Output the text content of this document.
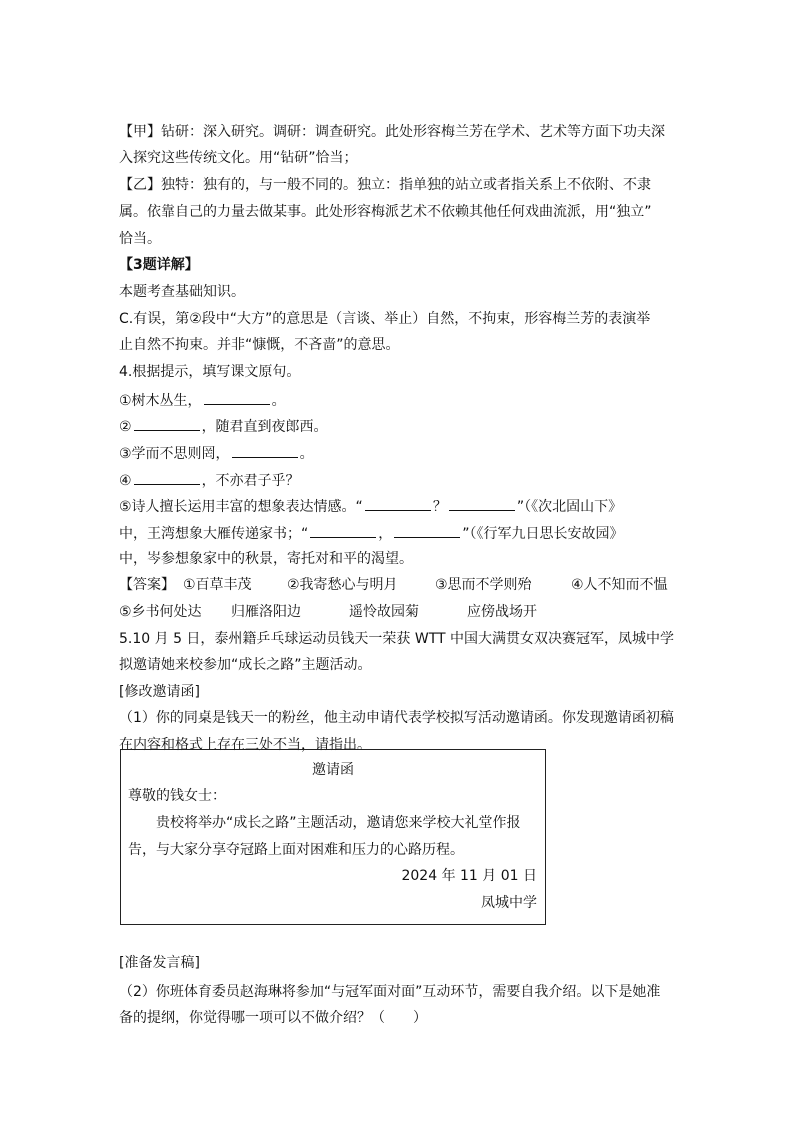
【甲】钻研：深入研究。调研：调查研究。此处形容梅兰芳在学术、艺术等方面下功夫深
入探究这些传统文化。用“钻研”恰当；
【乙】独特：独有的，与一般不同的。独立：指单独的站立或者指关系上不依附、不隶
属。依靠自己的力量去做某事。此处形容梅派艺术不依赖其他任何戏曲流派，用“独立”
恰当。
【3题详解】
本题考查基础知识。
C.有误，第②段中“大方”的意思是（言谈、举止）自然，不拘束，形容梅兰芳的表演举
止自然不拘束。并非“慷慨，不吝啬”的意思。
4.根据提示，填写课文原句。
①树木丛生，	。
②	，随君直到夜郎西。
③学而不思则罔，	。
④	，不亦君子乎？
⑤诗人擅长运用丰富的想象表达情感。“	？	”（《次北固山下》
中，王湾想象大雁传递家书；“	，	”（《行军九日思长安故园》
中，岑参想象家中的秋景，寄托对和平的渴望。
【答案】 ①百草丰茂	②我寄愁心与明月	③思而不学则殆	④人不知而不愠
⑤乡书何处达 归雁洛阳边	遥怜故园菊	应傍战场开
5.10 月 5 日，泰州籍乒乓球运动员钱天一荣获 WTT 中国大满贯女双决赛冠军，凤城中学
拟邀请她来校参加“成长之路”主题活动。
[修改邀请函]
（1）你的同桌是钱天一的粉丝，他主动申请代表学校拟写活动邀请函。你发现邀请函初稿
在内容和格式上存在三处不当，请指出。
邀请函
尊敬的钱女士：
贵校将举办“成长之路”主题活动，邀请您来学校大礼堂作报
告，与大家分享夺冠路上面对困难和压力的心路历程。
2024 年 11 月 01 日
凤城中学
[准备发言稿]
（2）你班体育委员赵海琳将参加“与冠军面对面”互动环节，需要自我介绍。以下是她准
备的提纲，你觉得哪一项可以不做介绍？（　　）
